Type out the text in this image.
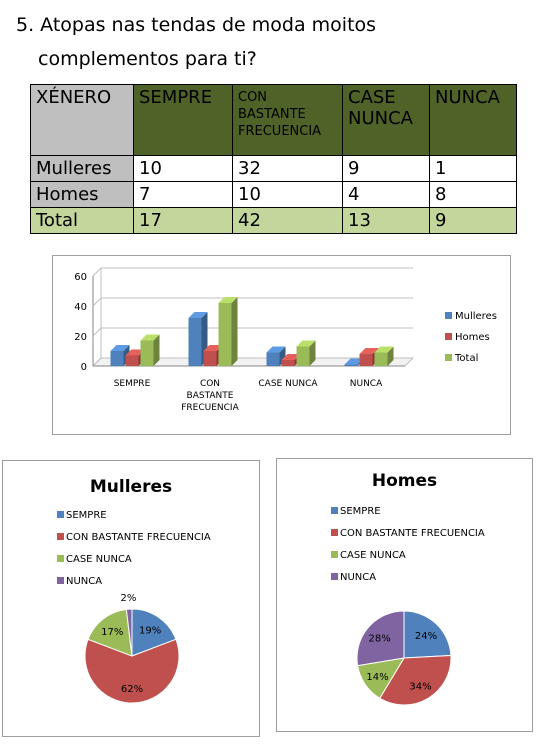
5. Atopas nas tendas de moda moitos
complementos para ti?
XÉNERO	SEMPRE	CON BASTANTE FRECUENCIA	CASE NUNCA	NUNCA
Mulleres	10	32	9	1
Homes	7	10	4	8
Total	17	42	13	9
0
20
40
60
SEMPRE	CON
BASTANTE
FRECUENCIA
CASE NUNCA	NUNCA
Mulleres
Homes
Total
Mulleres
SEMPRE
CON BASTANTE FRECUENCIA
CASE NUNCA
NUNCA
19%
62%
17%
2%
Homes
SEMPRE
CON BASTANTE FRECUENCIA
CASE NUNCA
NUNCA
24%
34%
14%
28%
